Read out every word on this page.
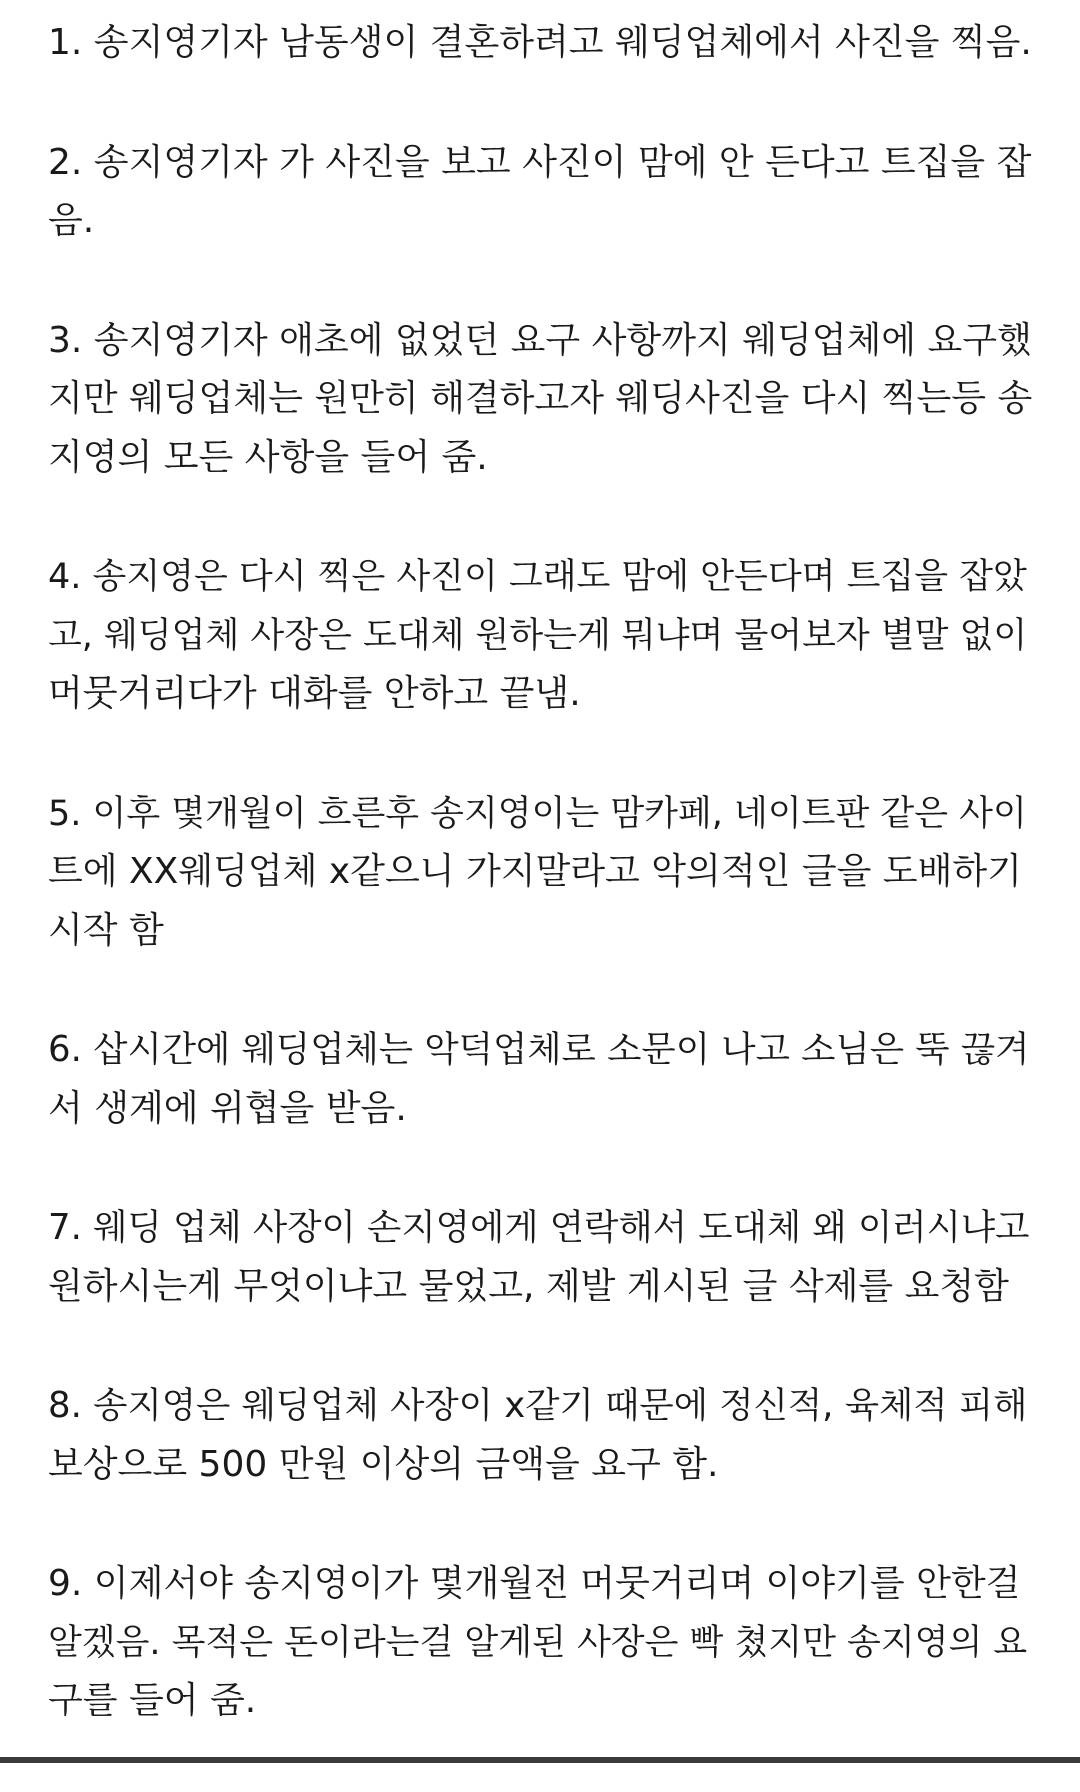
1. 송지영기자 남동생이 결혼하려고 웨딩업체에서 사진을 찍음.
2. 송지영기자 가 사진을 보고 사진이 맘에 안 든다고 트집을 잡
음.
3. 송지영기자 애초에 없었던 요구 사항까지 웨딩업체에 요구했
지만 웨딩업체는 원만히 해결하고자 웨딩사진을 다시 찍는등 송
지영의 모든 사항을 들어 줌.
4. 송지영은 다시 찍은 사진이 그래도 맘에 안든다며 트집을 잡았
고, 웨딩업체 사장은 도대체 원하는게 뭐냐며 물어보자 별말 없이
머뭇거리다가 대화를 안하고 끝냄.
5. 이후 몇개월이 흐른후 송지영이는 맘카페, 네이트판 같은 사이
트에 XX웨딩업체 x같으니 가지말라고 악의적인 글을 도배하기
시작 함
6. 삽시간에 웨딩업체는 악덕업체로 소문이 나고 소님은 뚝 끊겨
서 생계에 위협을 받음.
7. 웨딩 업체 사장이 손지영에게 연락해서 도대체 왜 이러시냐고
원하시는게 무엇이냐고 물었고, 제발 게시된 글 삭제를 요청함
8. 송지영은 웨딩업체 사장이 x같기 때문에 정신적, 육체적 피해
보상으로 500 만원 이상의 금액을 요구 함.
9. 이제서야 송지영이가 몇개월전 머뭇거리며 이야기를 안한걸
알겠음. 목적은 돈이라는걸 알게된 사장은 빡 쳤지만 송지영의 요
구를 들어 줌.
